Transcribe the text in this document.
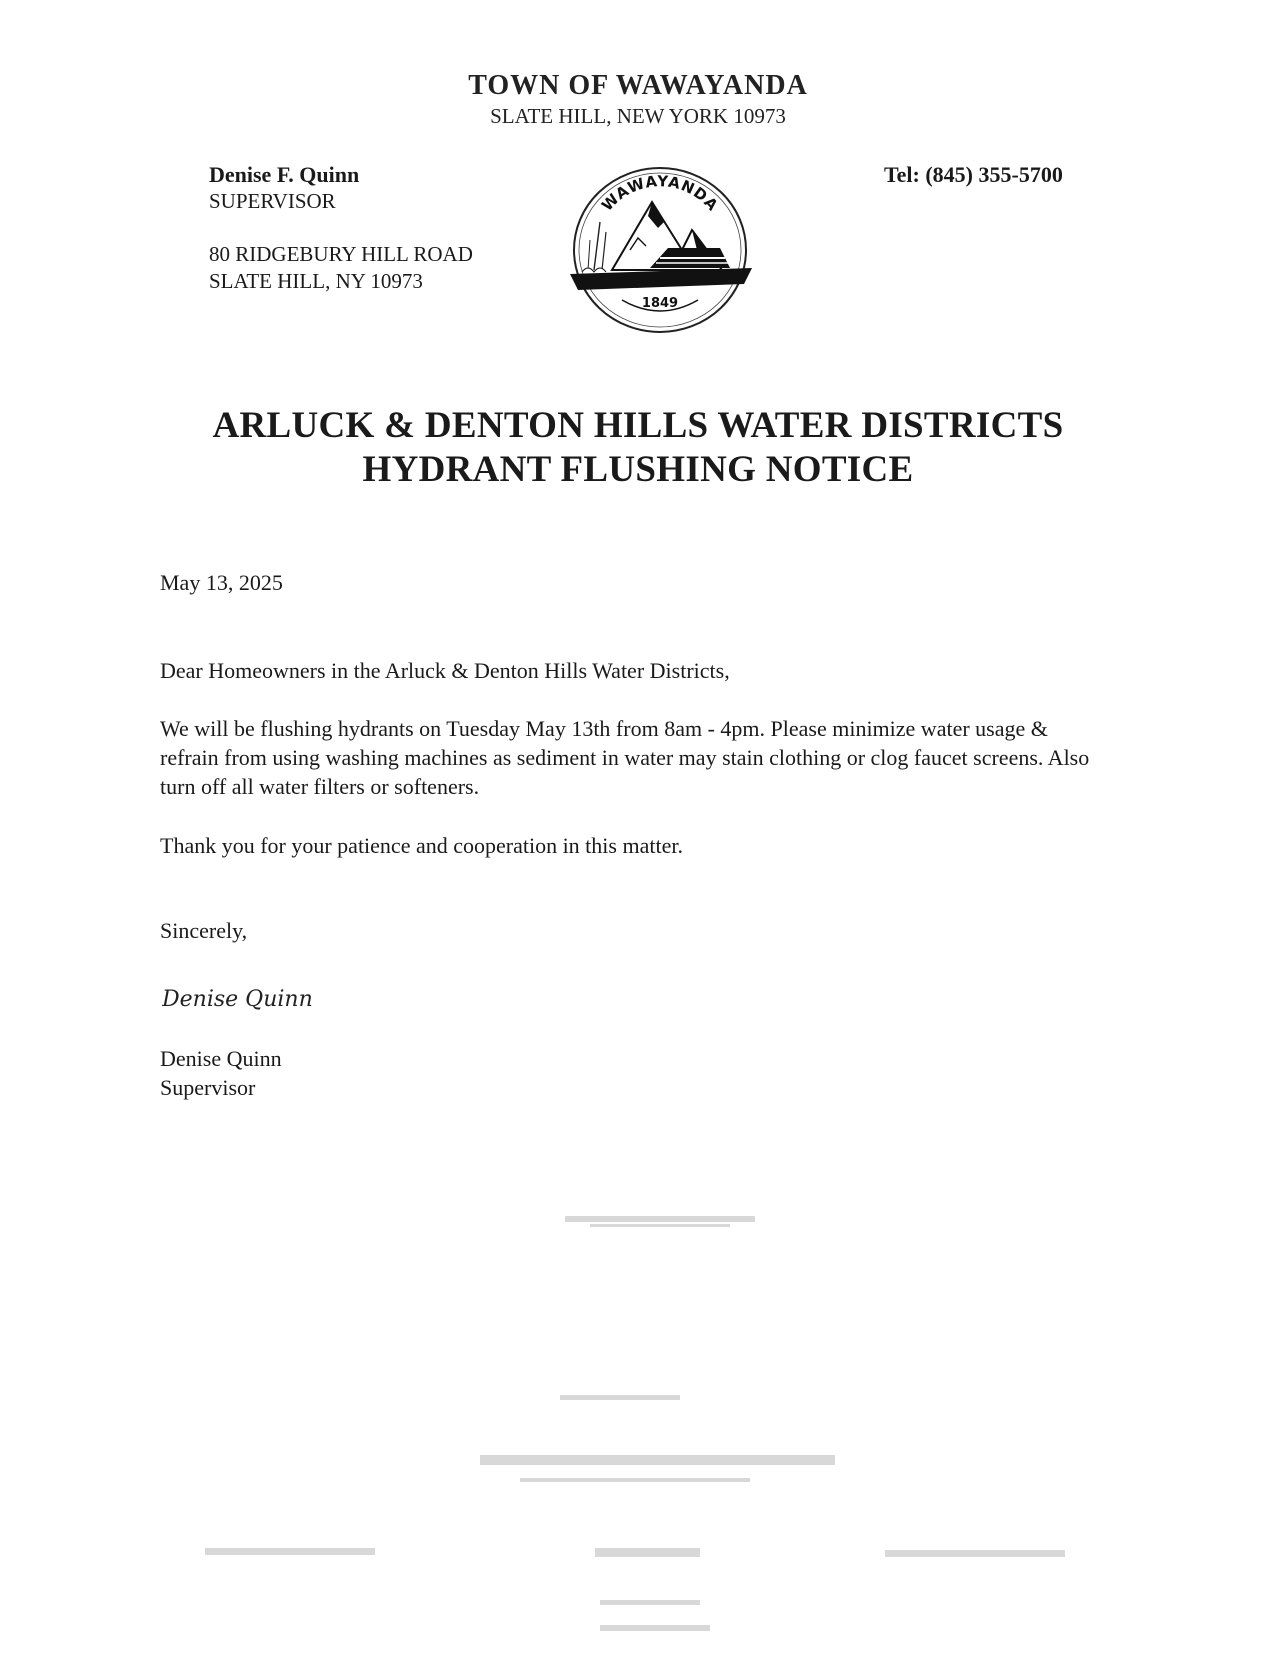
TOWN OF WAWAYANDA
SLATE HILL, NEW YORK 10973
Denise F. Quinn
SUPERVISOR
80 RIDGEBURY HILL ROAD
SLATE HILL, NY 10973
Tel: (845) 355-5700
WAWAYANDA
1849
ARLUCK & DENTON HILLS WATER DISTRICTS
HYDRANT FLUSHING NOTICE
May 13, 2025
Dear Homeowners in the Arluck & Denton Hills Water Districts,
We will be flushing hydrants on Tuesday May 13th from 8am - 4pm. Please minimize water usage & refrain from using washing machines as sediment in water may stain clothing or clog faucet screens. Also turn off all water filters or softeners.
Thank you for your patience and cooperation in this matter.
Sincerely,
Denise Quinn
Denise Quinn
Supervisor
